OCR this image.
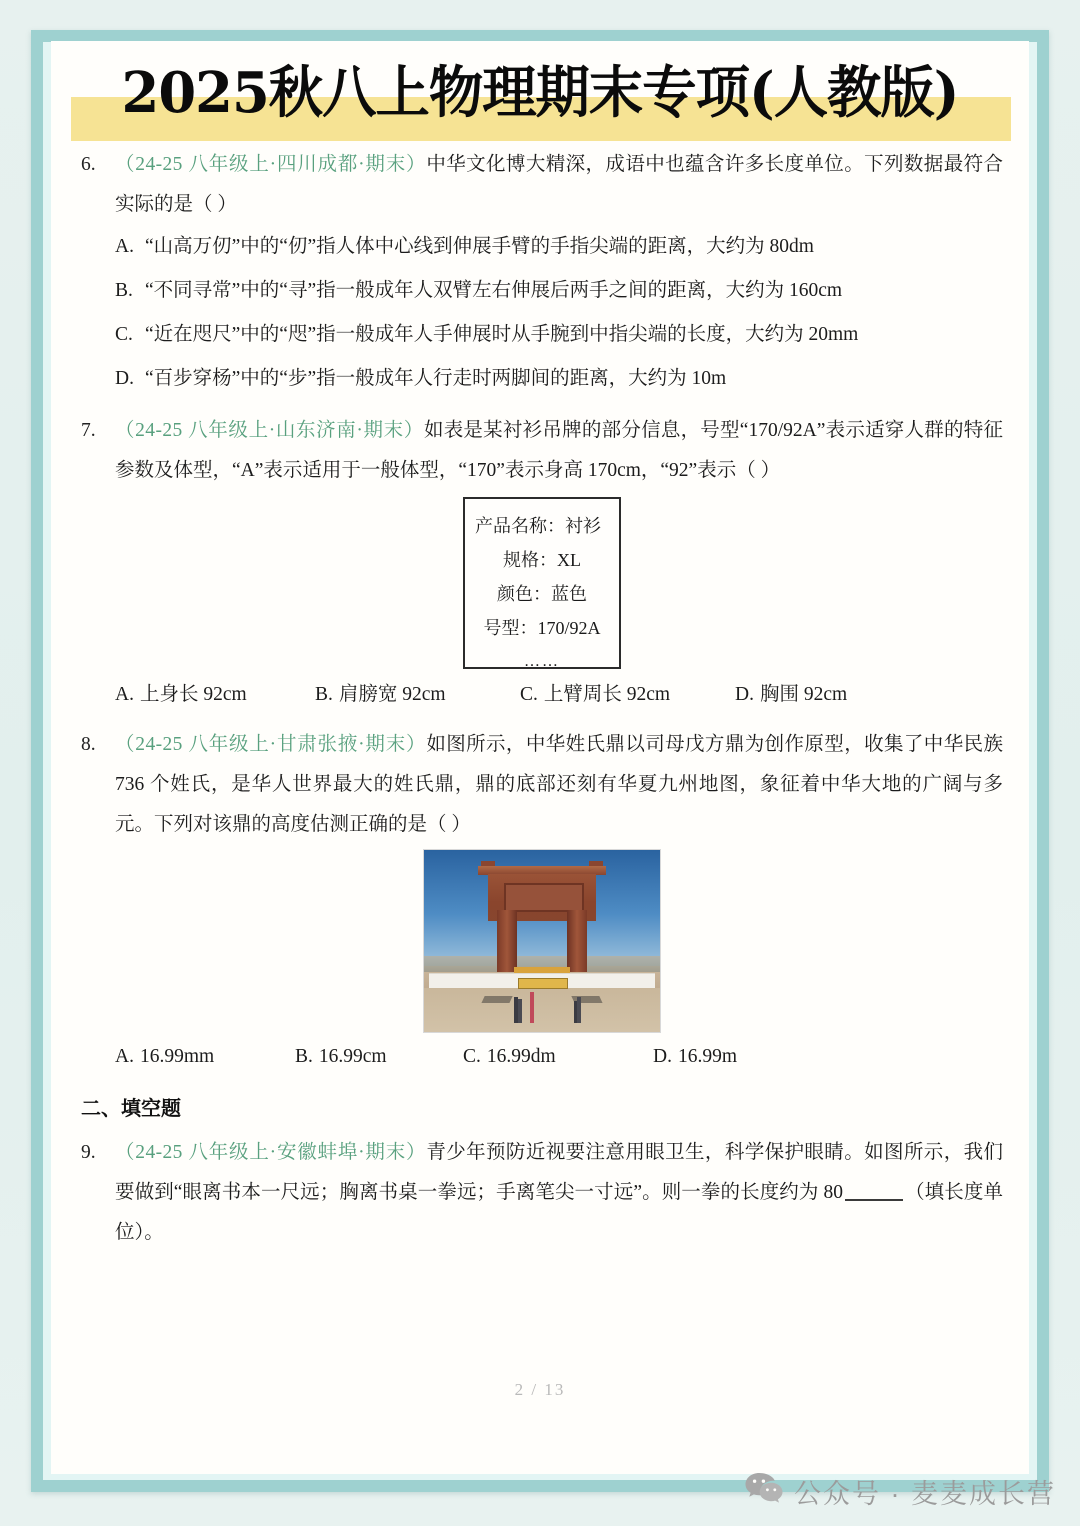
2025秋八上物理期末专项(人教版)
6. （24-25 八年级上·四川成都·期末）中华文化博大精深，成语中也蕴含许多长度单位。下列数据最符合实际的是（ ）
A. “山高万仞”中的“仞”指人体中心线到伸展手臂的手指尖端的距离，大约为 80dm
B. “不同寻常”中的“寻”指一般成年人双臂左右伸展后两手之间的距离，大约为 160cm
C. “近在咫尺”中的“咫”指一般成年人手伸展时从手腕到中指尖端的长度，大约为 20mm
D. “百步穿杨”中的“步”指一般成年人行走时两脚间的距离，大约为 10m
7. （24-25 八年级上·山东济南·期末）如表是某衬衫吊牌的部分信息，号型“170/92A”表示适穿人群的特征参数及体型，“A”表示适用于一般体型，“170”表示身高 170cm，“92”表示（ ）
产品名称：衬衫
规格：XL
颜色：蓝色
号型：170/92A
……
A. 上身长 92cm	B. 肩膀宽 92cm	C. 上臂周长 92cm	D. 胸围 92cm
8. （24-25 八年级上·甘肃张掖·期末）如图所示，中华姓氏鼎以司母戊方鼎为创作原型，收集了中华民族 736 个姓氏，是华人世界最大的姓氏鼎，鼎的底部还刻有华夏九州地图，象征着中华大地的广阔与多元。下列对该鼎的高度估测正确的是（ ）
A. 16.99mm	B. 16.99cm	C. 16.99dm	D. 16.99m
二、填空题
9. （24-25 八年级上·安徽蚌埠·期末）青少年预防近视要注意用眼卫生，科学保护眼睛。如图所示，我们要做到“眼离书本一尺远；胸离书桌一拳远；手离笔尖一寸远”。则一拳的长度约为 80	（填长度单位）。
2 / 13
公众号 · 麦麦成长营
